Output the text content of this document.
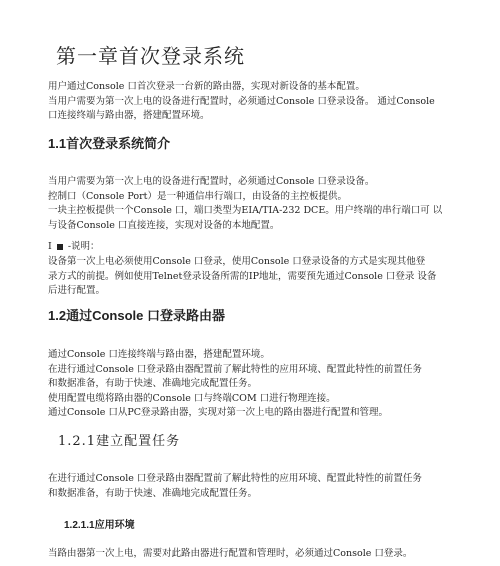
第一章首次登录系统
用户通过Console 口首次登录一台新的路由器，实现对新设备的基本配置。
当用户需要为第一次上电的设备进行配置时，必须通过Console 口登录设备。 通过Console
口连接终端与路由器，搭建配置环境。
1.1首次登录系统简介
当用户需要为第一次上电的设备进行配置时，必须通过Console 口登录设备。
控制口（Console Port）是一种通信串行端口，由设备的主控板提供。
一块主控板提供一个Console 口，端口类型为EIA/TIA-232 DCE。用户终端的串行端口可 以
与设备Console 口直接连接，实现对设备的本地配置。
I -说明：
设备第一次上电必须使用Console 口登录，使用Console 口登录设备的方式是实现其他登
录方式的前提。例如使用Telnet登录设备所需的IP地址，需要预先通过Console 口登录 设备
后进行配置。
1.2通过Console 口登录路由器
通过Console 口连接终端与路由器，搭建配置环境。
在进行通过Console 口登录路由器配置前了解此特性的应用环境、配置此特性的前置任务
和数据准备，有助于快速、准确地完成配置任务。
使用配置电缆将路由器的Console 口与终端COM 口进行物理连接。
通过Console 口从PC登录路由器，实现对第一次上电的路由器进行配置和管理。
1.2.1建立配置任务
在进行通过Console 口登录路由器配置前了解此特性的应用环境、配置此特性的前置任务
和数据准备，有助于快速、准确地完成配置任务。
1.2.1.1应用环境
当路由器第一次上电，需要对此路由器进行配置和管理时，必须通过Console 口登录。
